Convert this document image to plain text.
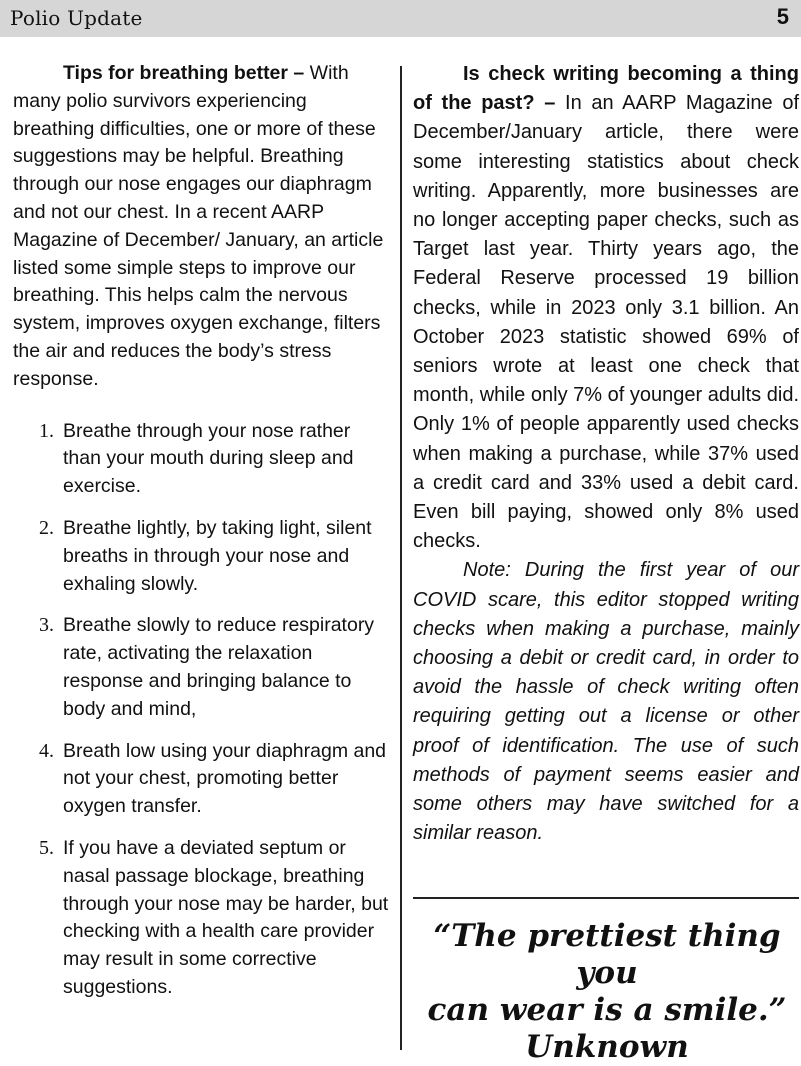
Polio Update	5

Tips for breathing better – With many polio survivors experiencing breathing difficulties, one or more of these suggestions may be helpful. Breathing through our nose engages our diaphragm and not our chest. In a recent AARP Magazine of December/ January, an article listed some simple steps to improve our breathing. This helps calm the nervous system, improves oxygen exchange, filters the air and reduces the body’s stress response.

1. Breathe through your nose rather than your mouth during sleep and exercise.
2. Breathe lightly, by taking light, silent breaths in through your nose and exhaling slowly.
3. Breathe slowly to reduce respiratory rate, activating the relaxation response and bringing balance to body and mind,
4. Breath low using your diaphragm and not your chest, promoting better oxygen transfer.
5. If you have a deviated septum or nasal passage blockage, breathing through your nose may be harder, but checking with a health care provider may result in some corrective suggestions.

Is check writing becoming a thing of the past? – In an AARP Magazine of December/January article, there were some interesting statistics about check writing. Apparently, more businesses are no longer accepting paper checks, such as Target last year. Thirty years ago, the Federal Reserve processed 19 billion checks, while in 2023 only 3.1 billion. An October 2023 statistic showed 69% of seniors wrote at least one check that month, while only 7% of younger adults did. Only 1% of people apparently used checks when making a purchase, while 37% used a credit card and 33% used a debit card. Even bill paying, showed only 8% used checks.

Note: During the first year of our COVID scare, this editor stopped writing checks when making a purchase, mainly choosing a debit or credit card, in order to avoid the hassle of check writing often requiring getting out a license or other proof of identification. The use of such methods of payment seems easier and some others may have switched for a similar reason.

“The prettiest thing you
can wear is a smile.”
Unknown
